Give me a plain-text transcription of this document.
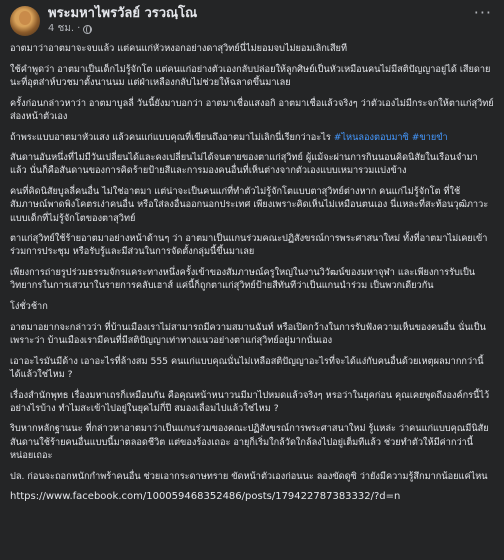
พระมหาไพรวัลย์ วรวณฺโณ
4 ชม. ·
···
อาตมาว่าอาตมาจะจบแล้ว แต่คนแก่หัวหงอกอย่างดาสุวิทย์นี่ไม่ยอมจบไม่ยอมเลิกเสียที
ใช้คำพูดว่า อาตมาเป็นเด็กไม่รู้จักโต แต่คนแก่อย่างตัวเองกลับปล่อยให้ลูกศิษย์เป็นหัวเหมือนคนไม่มีสติปัญญาอยู่ได้ เสียดายนะที่อุตส่าห์บวชมาตั้งนานนม แต่ฝ่าเหลืองกลับไม่ช่วยให้ฉลาดขึ้นมาเลย
ครั้งก่อนกล่าวหาว่า อาตมาบูลลี่ วันนี้ยังมาบอกว่า อาตมาเชื่อแสงอกิ อาตมาเชื่อแล้วจริงๆ ว่าตัวเองไม่มีกระจกให้ตาแก่สุวิทย์ส่องหน้าตัวเอง
ถ้าพระแบบอาตมาหัวแสง แล้วคนแก่แบบคุณที่เขียนถึงอาตมาไม่เลิกนี่เรียกว่าอะไร #ไหนลองตอบมาซิ #ขายขำ
สันดานอันหนึ่งที่ไม่มีวันเปลี่ยนได้และคงเปลี่ยนไม่ได้จนตายของตาแก่สุวิทย์ ผู้แม้จะผ่านการกินนอนคิดนิสัยในเรือนจำมาแล้ว นั่นก็คือสันดานของการคิดร้ายป้ายสีและการมองคนอื่นที่เห็นต่างจากตัวเองแบบเหมารวมแบ่งข้าง
คนที่คิดนิสัยบูลลี่คนอื่น ไม่ใช่อาตมา แต่น่าจะเป็นคนแก่ที่ทำตัวไม่รู้จักโตแบบตาสุวิทย์ต่างหาก คนแก่ไม่รู้จักโต ที่ใช้สัมภาษณ์พาดพิงโคตรเง่าคนอื่น หรือใส่ลงอื่นออกนอกประเทศ เพียงเพราะคิดเห็นไม่เหมือนตนเอง นี่แหละที่สะท้อนวุฒิภาวะแบบเด็กที่ไม่รู้จักโตของตาสุวิทย์
ตาแก่สุวิทย์ใช้ร้ายอาตมาอย่างหน้าด้านๆ ว่า อาตมาเป็นแกนร่วมคณะปฏิสังขรณ์การพระศาสนาใหม่ ทั้งที่อาตมาไม่เคยเข้าร่วมการประชุม หรือรับรู้และมีส่วนในการจัดตั้งกลุ่มนี้ขึ้นมาเลย
เพียงการถ่ายรูปร่วมธรรมจักรแคระทางหนึ่งครั้งเข้าของสัมภาษณ์ครูใหญ่ในงานวิวัฒน์ของมหาจุฬา และเพียงการรับเป็นวิทยากรในการเสวนาในรายการคลับเฮาส์ แค่นี้ก็ถูกตาแก่สุวิทย์ป้ายสีทันทีว่าเป็นแกนนำร่วม เป็นพวกเดียวกัน
โง่ชั่วช้าก
อาตมาอยากจะกล่าวว่า ที่บ้านเมืองเราไม่สามารถมีความสมานฉันท์ หรือเปิดกว้างในการรับฟังความเห็นของคนอื่น นั่นเป็นเพราะว่า บ้านเมืองเรามีคนที่มีสติปัญญาเท่าทางแนวอย่างตาแก่สุวิทย์อยู่มากนั่นเอง
เอาอะไรมันมีด้าง เอาอะไรที่ล้างสม 555 คนแก่แบบคุณนั่นไม่เหลือสติปัญญาอะไรที่จะได้แง่กับคนอื่นด้วยเหตุผลมากกว่านี้ได้แล้วใช่ไหม ?
เรื่องสำนักพุทธ เรื่องมหาเถรก็เหมือนกัน คือคุณหน้าหนาวนมีมาไปหมดแล้วจริงๆ หรอว่าในยุคก่อน คุณเคยพูดถึงองค์กรนี้ไว้อย่างไรบ้าง ทำไมสะเข้าไปอยู่ในยุคไม่กี่ปี สมองเลื่อมไปแล้วใช่ไหม ?
ริบหากหลักฐานนะ ที่กล่าวหาอาตมาว่าเป็นแกนร่วมของคณะปฏิสังขรณ์การพระศาสนาใหม่ รู้แหล่ะ ว่าคนแก่แบบคุณมีนิสัยสันดานใช้ร้ายคนอื่นแบบนี้มาตลอดชีวิต แต่ของร้องเถอะ อายุก็เริ่มใกล้วัดใกล้ลงไปอยู่เต็มทีแล้ว ช่วยทำตัวให้มีค่ากว่านี้หน่อยเถอะ
ปล. ก่อนจะถอกหนักกำพร้าคนอื่น ช่วยเอากระดาษทราย ขัดหน้าตัวเองก่อนนะ ลองขัดดูซิ ว่ายังมีความรู้สึกมากน้อยแค่ไหน
https://www.facebook.com/100059468352486/posts/179422787383332/?d=n
